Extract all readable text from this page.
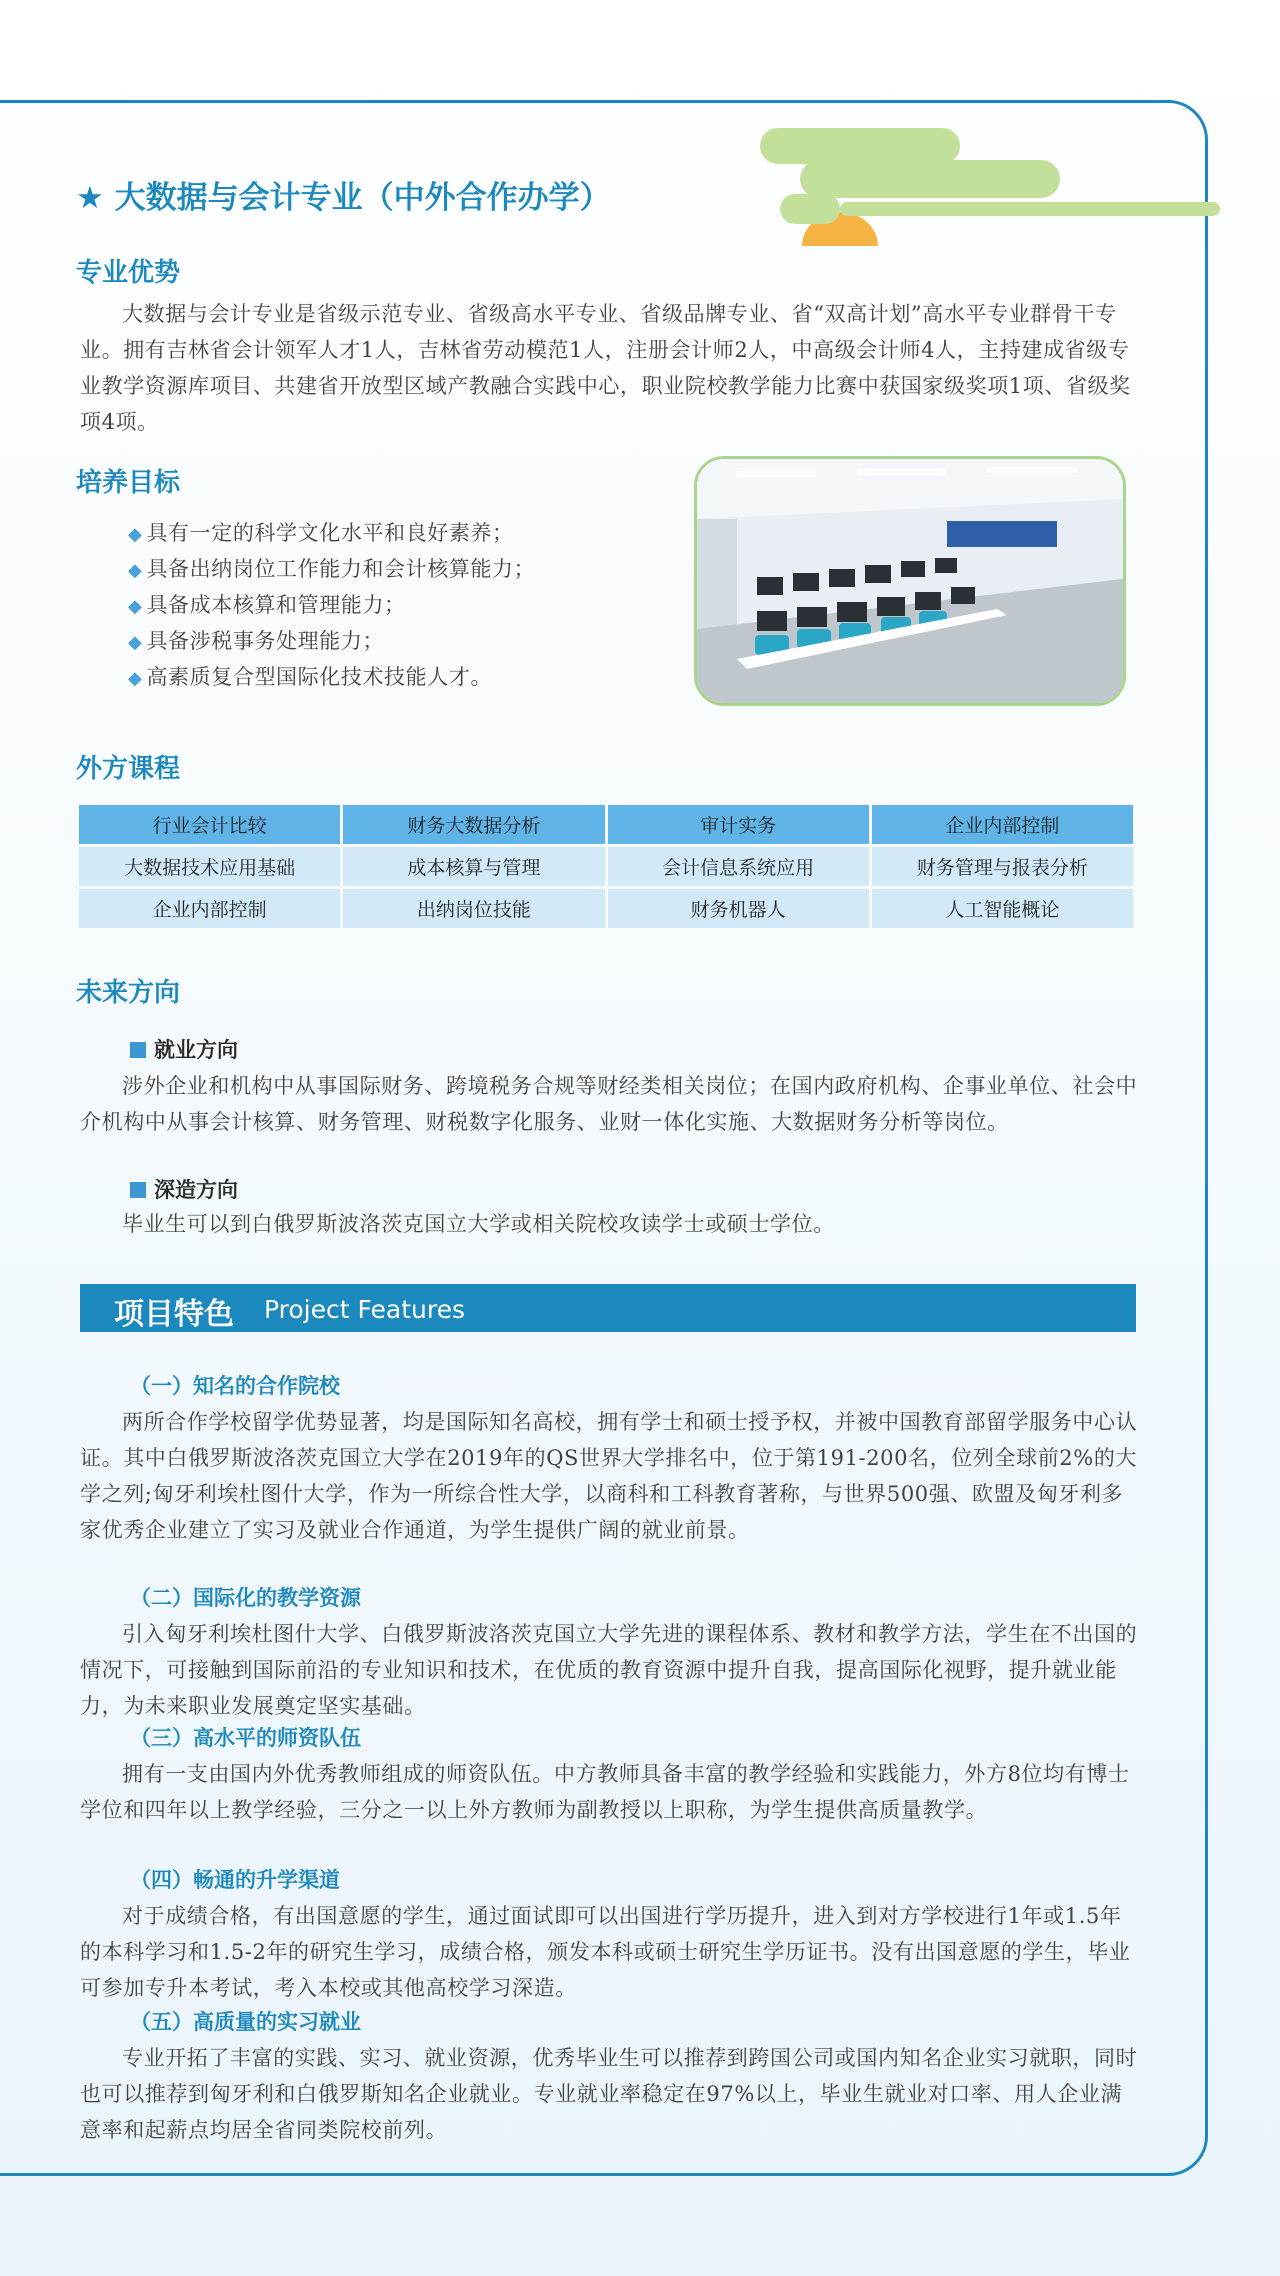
★ 大数据与会计专业（中外合作办学）
专业优势

大数据与会计专业是省级示范专业、省级高水平专业、省级品牌专业、省“双高计划”高水平专业群骨干专业。拥有吉林省会计领军人才1人，吉林省劳动模范1人，注册会计师2人，中高级会计师4人，主持建成省级专业教学资源库项目、共建省开放型区域产教融合实践中心，职业院校教学能力比赛中获国家级奖项1项、省级奖项4项。

培养目标
◆ 具有一定的科学文化水平和良好素养；
◆ 具备出纳岗位工作能力和会计核算能力；
◆ 具备成本核算和管理能力；
◆ 具备涉税事务处理能力；
◆ 高素质复合型国际化技术技能人才。
外方课程
行业会计比较	财务大数据分析	审计实务	企业内部控制
大数据技术应用基础	成本核算与管理	会计信息系统应用	财务管理与报表分析
企业内部控制	出纳岗位技能	财务机器人	人工智能概论
未来方向

就业方向

涉外企业和机构中从事国际财务、跨境税务合规等财经类相关岗位；在国内政府机构、企事业单位、社会中介机构中从事会计核算、财务管理、财税数字化服务、业财一体化实施、大数据财务分析等岗位。

深造方向

毕业生可以到白俄罗斯波洛茨克国立大学或相关院校攻读学士或硕士学位。

项目特色 Project Features

（一）知名的合作院校

两所合作学校留学优势显著，均是国际知名高校，拥有学士和硕士授予权，并被中国教育部留学服务中心认证。其中白俄罗斯波洛茨克国立大学在2019年的QS世界大学排名中，位于第191-200名，位列全球前2%的大学之列;匈牙利埃杜图什大学，作为一所综合性大学，以商科和工科教育著称，与世界500强、欧盟及匈牙利多家优秀企业建立了实习及就业合作通道，为学生提供广阔的就业前景。

（二）国际化的教学资源

引入匈牙利埃杜图什大学、白俄罗斯波洛茨克国立大学先进的课程体系、教材和教学方法，学生在不出国的情况下，可接触到国际前沿的专业知识和技术，在优质的教育资源中提升自我，提高国际化视野，提升就业能力，为未来职业发展奠定坚实基础。

（三）高水平的师资队伍

拥有一支由国内外优秀教师组成的师资队伍。中方教师具备丰富的教学经验和实践能力，外方8位均有博士学位和四年以上教学经验，三分之一以上外方教师为副教授以上职称，为学生提供高质量教学。

（四）畅通的升学渠道

对于成绩合格，有出国意愿的学生，通过面试即可以出国进行学历提升，进入到对方学校进行1年或1.5年的本科学习和1.5-2年的研究生学习，成绩合格，颁发本科或硕士研究生学历证书。没有出国意愿的学生，毕业可参加专升本考试，考入本校或其他高校学习深造。

（五）高质量的实习就业

专业开拓了丰富的实践、实习、就业资源，优秀毕业生可以推荐到跨国公司或国内知名企业实习就职，同时也可以推荐到匈牙利和白俄罗斯知名企业就业。专业就业率稳定在97%以上，毕业生就业对口率、用人企业满意率和起薪点均居全省同类院校前列。
